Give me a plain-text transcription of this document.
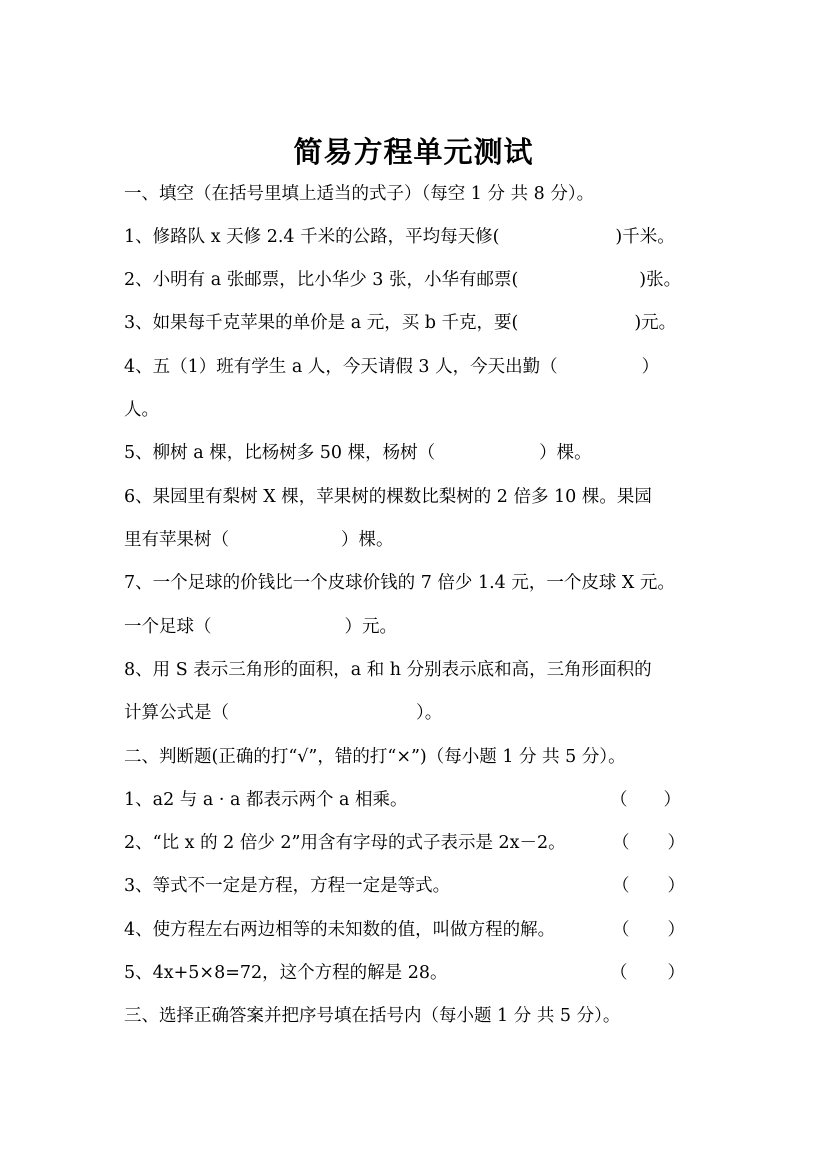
简易方程单元测试
一、填空（在括号里填上适当的式子）（每空 1 分 共 8 分）。
1、修路队 x 天修 2.4 千米的公路，平均每天修(	)千米。
2、小明有 a 张邮票，比小华少 3 张，小华有邮票(	)张。
3、如果每千克苹果的单价是 a 元，买 b 千克，要(	)元。
4、五（1）班有学生 a 人，今天请假 3 人，今天出勤（	）
人。
5、柳树 a 棵，比杨树多 50 棵，杨树（	）棵。
6、果园里有梨树 X 棵，苹果树的棵数比梨树的 2 倍多 10 棵。果园
里有苹果树（	）棵。
7、一个足球的价钱比一个皮球价钱的 7 倍少 1.4 元，一个皮球 X 元。
一个足球（	）元。
8、用 S 表示三角形的面积，a 和 h 分别表示底和高，三角形面积的
计算公式是（	）。
二、判断题(正确的打“√”，错的打“×”)（每小题 1 分 共 5 分）。
1、a2 与 a · a 都表示两个 a 相乘。	（ ）
2、“比 x 的 2 倍少 2”用含有字母的式子表示是 2x－2。	（ ）
3、等式不一定是方程，方程一定是等式。	（ ）
4、使方程左右两边相等的未知数的值，叫做方程的解。	（ ）
5、4x+5×8=72，这个方程的解是 28。	（ ）
三、选择正确答案并把序号填在括号内（每小题 1 分 共 5 分）。
